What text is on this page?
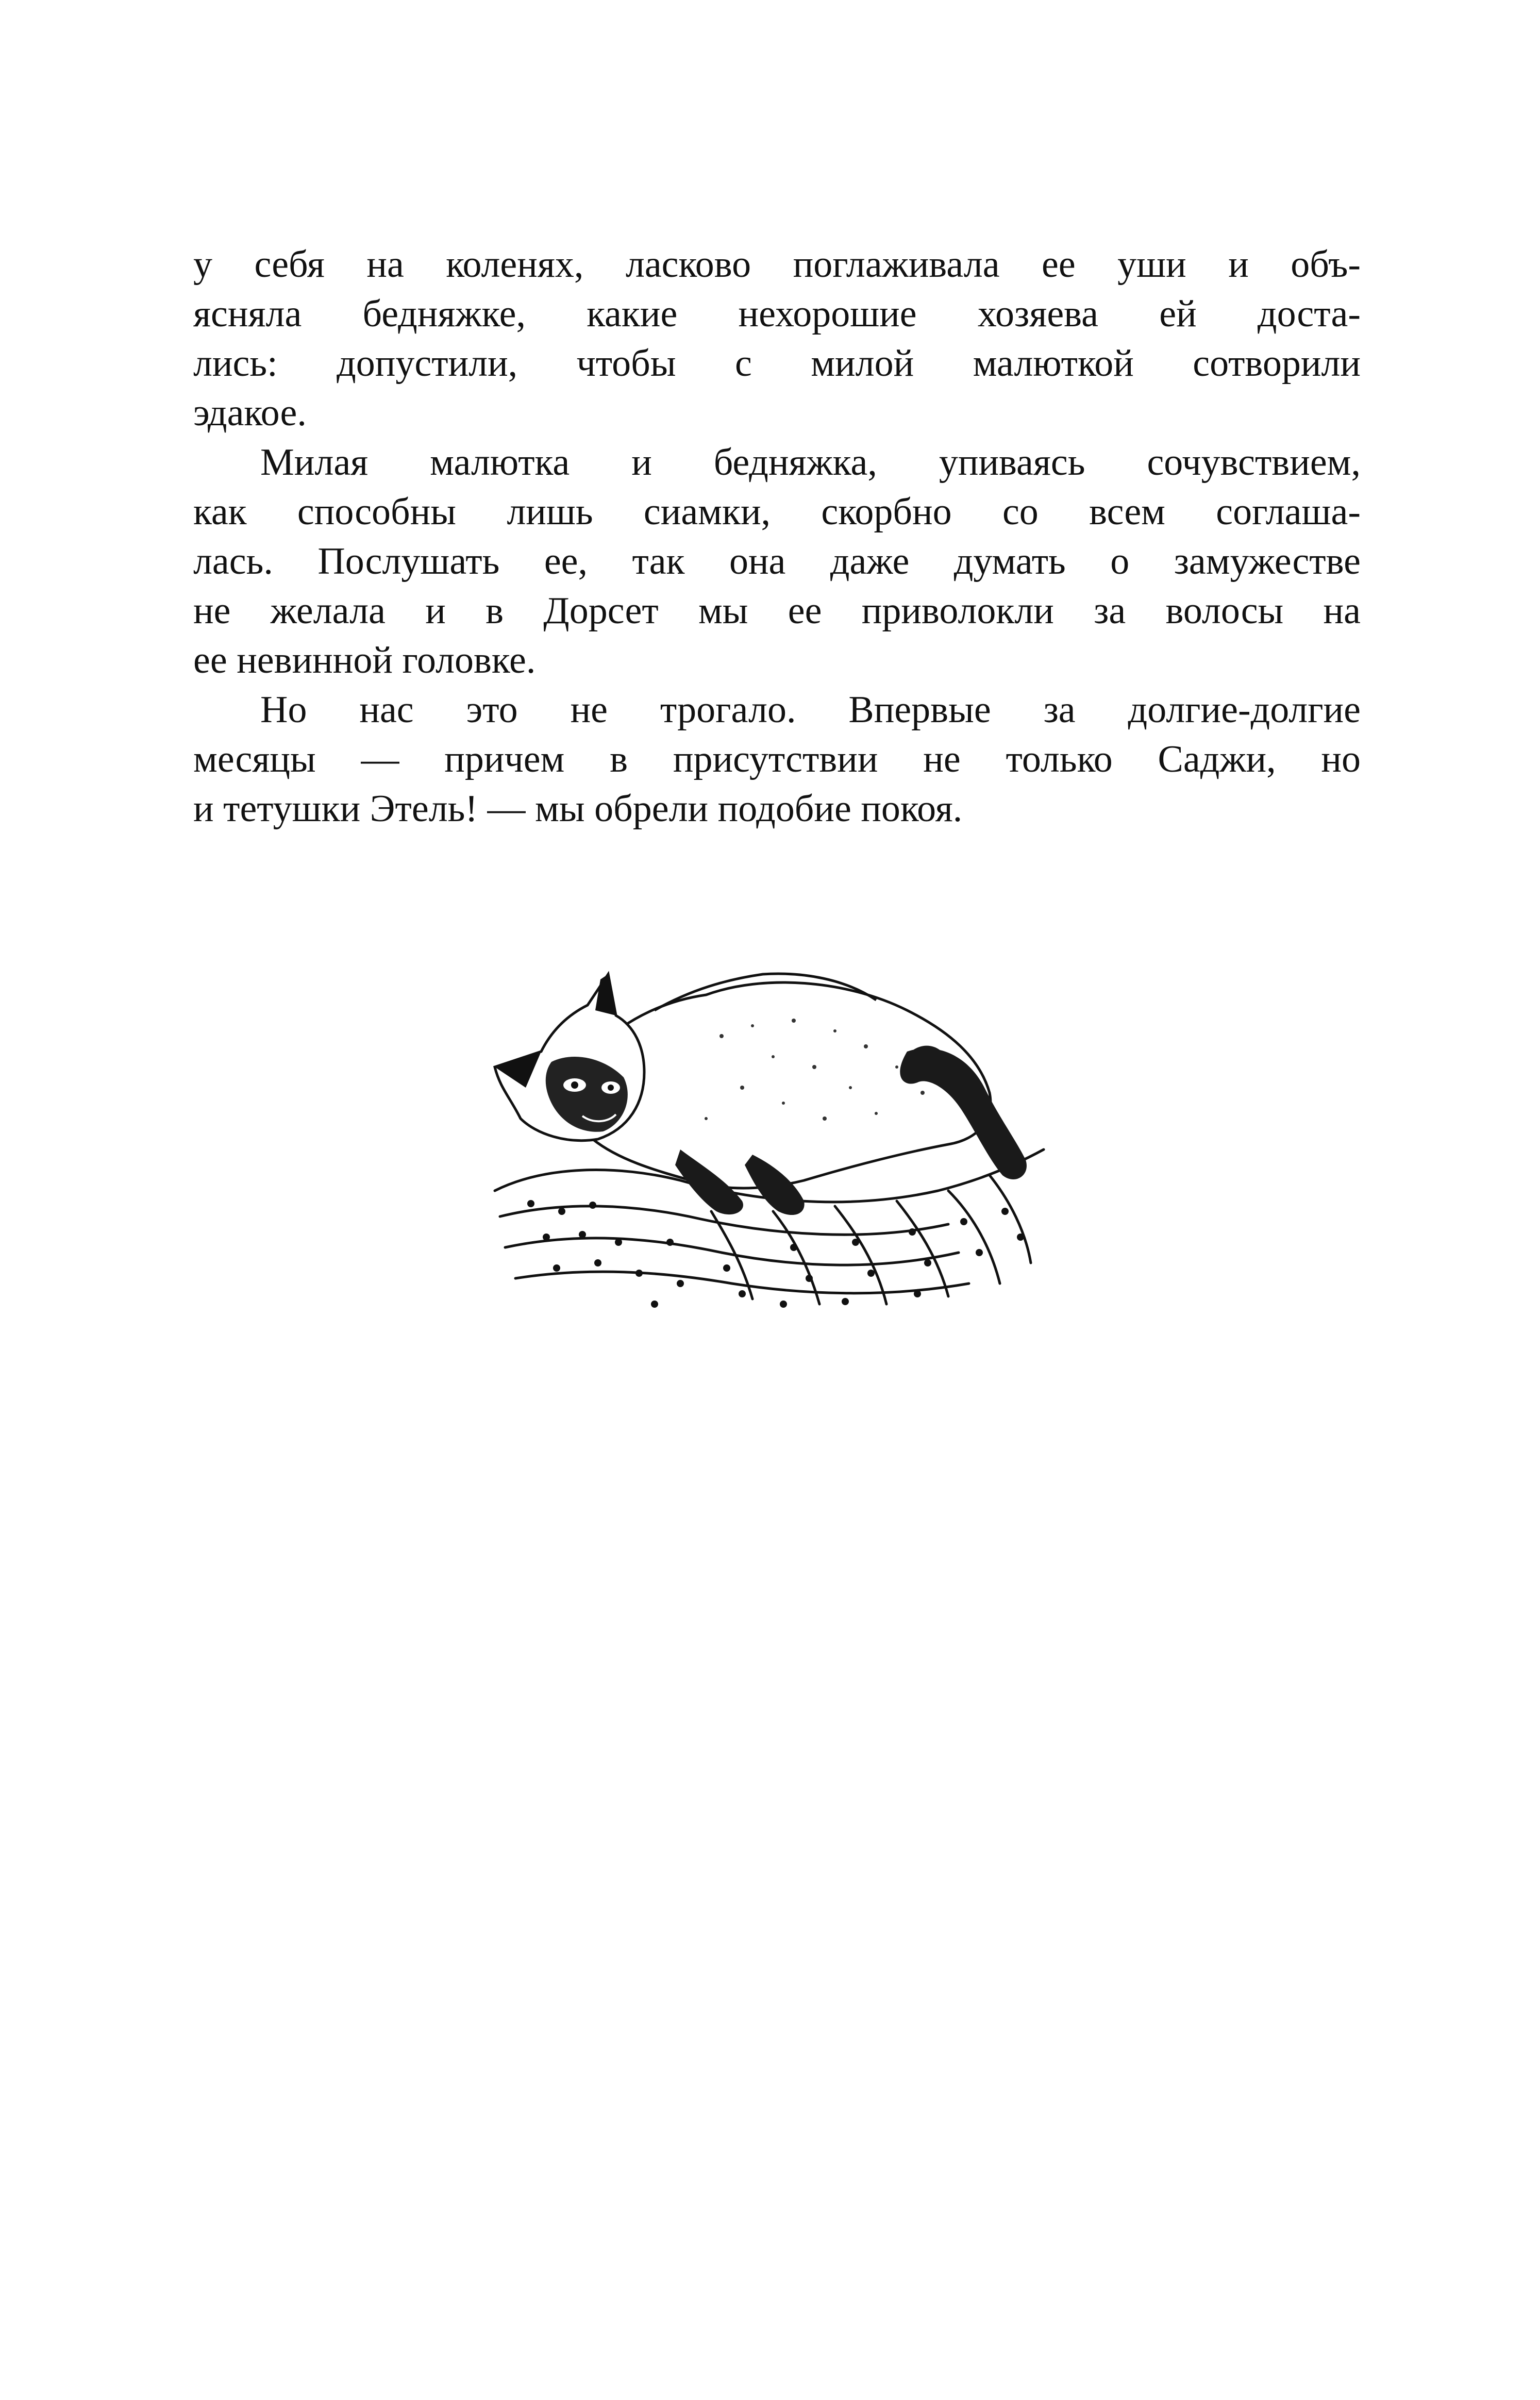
у себя на коленях, ласково поглаживала ее уши и объ-
ясняла бедняжке, какие нехорошие хозяева ей доста-
лись: допустили, чтобы с милой малюткой сотворили
эдакое.
Милая малютка и бедняжка, упиваясь сочувствием,
как способны лишь сиамки, скорбно со всем соглаша-
лась. Послушать ее, так она даже думать о замужестве
не желала и в Дорсет мы ее приволокли за волосы на
ее невинной головке.
Но нас это не трогало. Впервые за долгие-долгие
месяцы — причем в присутствии не только Саджи, но
и тетушки Этель! — мы обрели подобие покоя.
